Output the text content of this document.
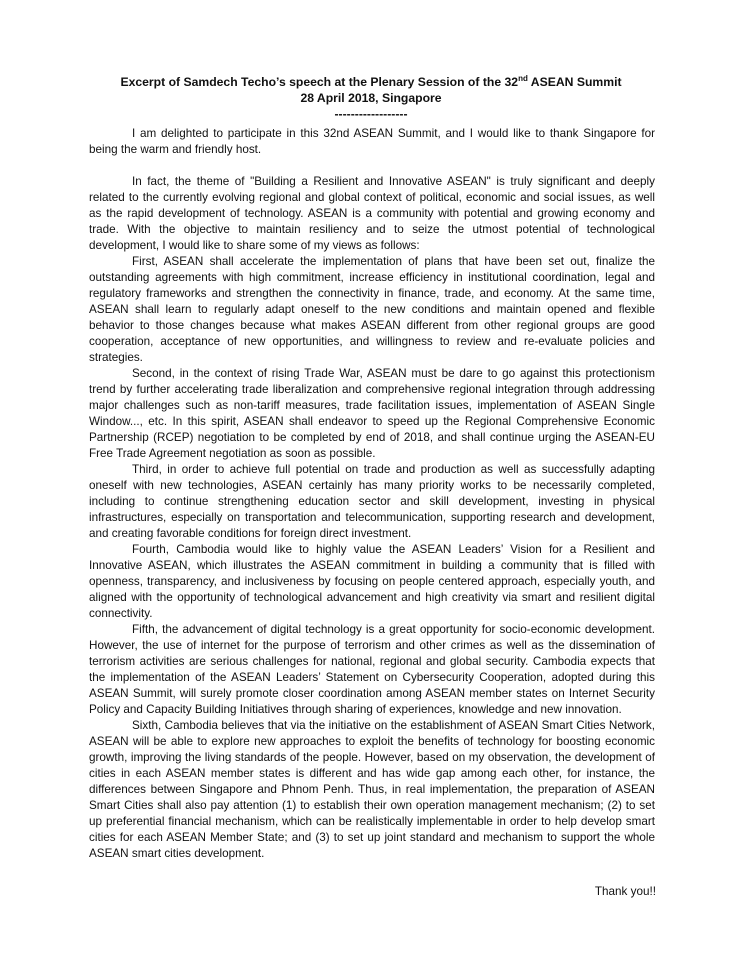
Excerpt of Samdech Techo’s speech at the Plenary Session of the 32nd ASEAN Summit
28 April 2018, Singapore
------------------

I am delighted to participate in this 32nd ASEAN Summit, and I would like to thank Singapore for being the warm and friendly host.

In fact, the theme of "Building a Resilient and Innovative ASEAN" is truly significant and deeply related to the currently evolving regional and global context of political, economic and social issues, as well as the rapid development of technology. ASEAN is a community with potential and growing economy and trade. With the objective to maintain resiliency and to seize the utmost potential of technological development, I would like to share some of my views as follows:

First, ASEAN shall accelerate the implementation of plans that have been set out, finalize the outstanding agreements with high commitment, increase efficiency in institutional coordination, legal and regulatory frameworks and strengthen the connectivity in finance, trade, and economy. At the same time, ASEAN shall learn to regularly adapt oneself to the new conditions and maintain opened and flexible behavior to those changes because what makes ASEAN different from other regional groups are good cooperation, acceptance of new opportunities, and willingness to review and re-evaluate policies and strategies.

Second, in the context of rising Trade War, ASEAN must be dare to go against this protectionism trend by further accelerating trade liberalization and comprehensive regional integration through addressing major challenges such as non-tariff measures, trade facilitation issues, implementation of ASEAN Single Window..., etc. In this spirit, ASEAN shall endeavor to speed up the Regional Comprehensive Economic Partnership (RCEP) negotiation to be completed by end of 2018, and shall continue urging the ASEAN-EU Free Trade Agreement negotiation as soon as possible.

Third, in order to achieve full potential on trade and production as well as successfully adapting oneself with new technologies, ASEAN certainly has many priority works to be necessarily completed, including to continue strengthening education sector and skill development, investing in physical infrastructures, especially on transportation and telecommunication, supporting research and development, and creating favorable conditions for foreign direct investment.

Fourth, Cambodia would like to highly value the ASEAN Leaders’ Vision for a Resilient and Innovative ASEAN, which illustrates the ASEAN commitment in building a community that is filled with openness, transparency, and inclusiveness by focusing on people centered approach, especially youth, and aligned with the opportunity of technological advancement and high creativity via smart and resilient digital connectivity.

Fifth, the advancement of digital technology is a great opportunity for socio-economic development. However, the use of internet for the purpose of terrorism and other crimes as well as the dissemination of terrorism activities are serious challenges for national, regional and global security. Cambodia expects that the implementation of the ASEAN Leaders’ Statement on Cybersecurity Cooperation, adopted during this ASEAN Summit, will surely promote closer coordination among ASEAN member states on Internet Security Policy and Capacity Building Initiatives through sharing of experiences, knowledge and new innovation.

Sixth, Cambodia believes that via the initiative on the establishment of ASEAN Smart Cities Network, ASEAN will be able to explore new approaches to exploit the benefits of technology for boosting economic growth, improving the living standards of the people. However, based on my observation, the development of cities in each ASEAN member states is different and has wide gap among each other, for instance, the differences between Singapore and Phnom Penh. Thus, in real implementation, the preparation of ASEAN Smart Cities shall also pay attention (1) to establish their own operation management mechanism; (2) to set up preferential financial mechanism, which can be realistically implementable in order to help develop smart cities for each ASEAN Member State; and (3) to set up joint standard and mechanism to support the whole ASEAN smart cities development.

Thank you!!
